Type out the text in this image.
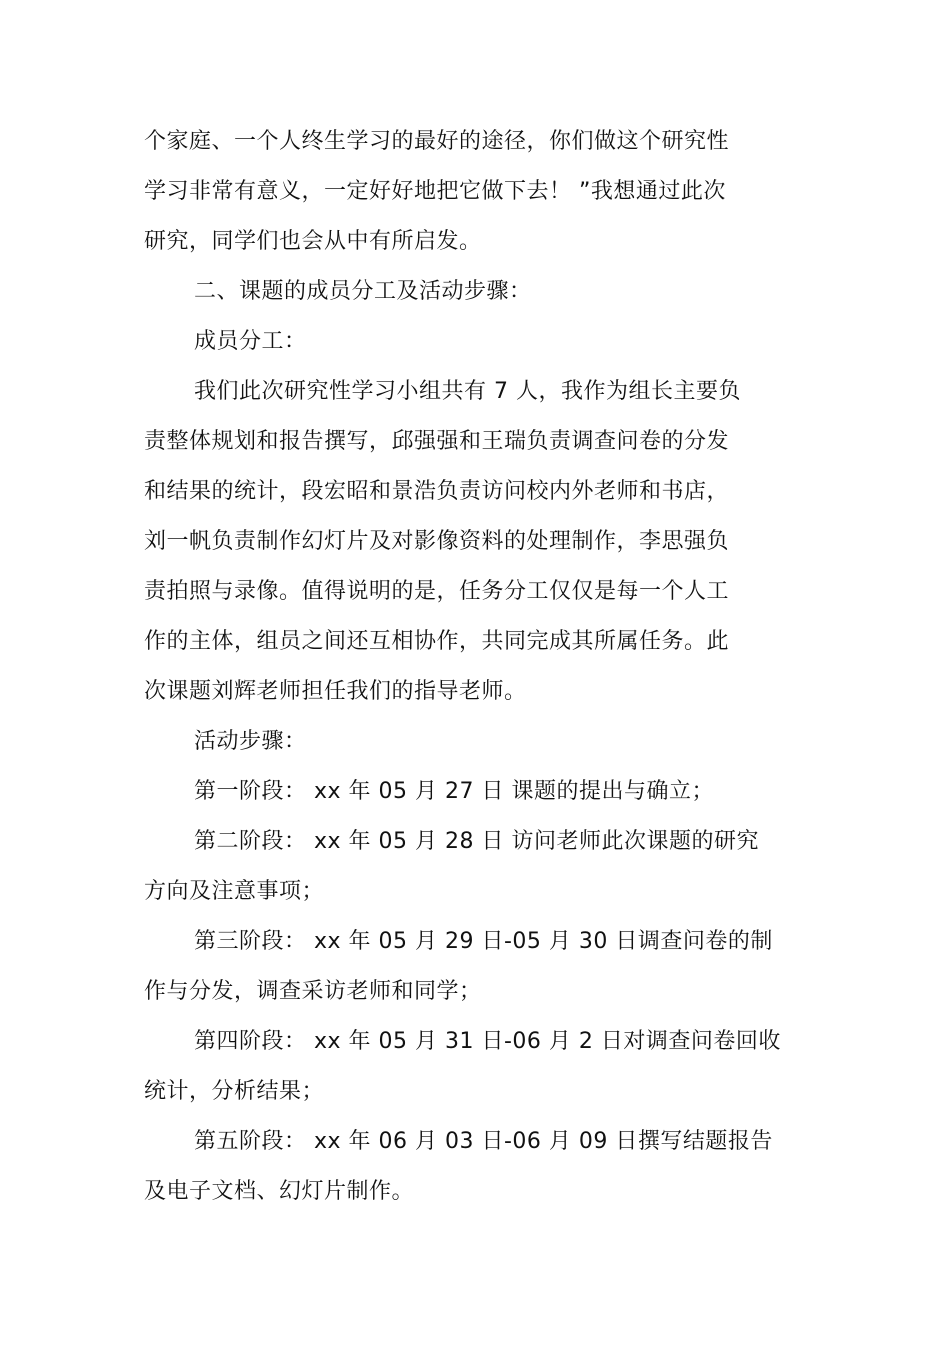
个家庭、一个人终生学习的最好的途径，你们做这个研究性
学习非常有意义，一定好好地把它做下去！ ”我想通过此次
研究，同学们也会从中有所启发。
二、课题的成员分工及活动步骤：
成员分工：
我们此次研究性学习小组共有 7 人，我作为组长主要负
责整体规划和报告撰写，邱强强和王瑞负责调查问卷的分发
和结果的统计，段宏昭和景浩负责访问校内外老师和书店，
刘一帆负责制作幻灯片及对影像资料的处理制作，李思强负
责拍照与录像。值得说明的是，任务分工仅仅是每一个人工
作的主体，组员之间还互相协作，共同完成其所属任务。此
次课题刘辉老师担任我们的指导老师。
活动步骤：
第一阶段： xx 年 05 月 27 日 课题的提出与确立；
第二阶段： xx 年 05 月 28 日 访问老师此次课题的研究
方向及注意事项；
第三阶段： xx 年 05 月 29 日-05 月 30 日调查问卷的制
作与分发，调查采访老师和同学；
第四阶段： xx 年 05 月 31 日-06 月 2 日对调查问卷回收
统计，分析结果；
第五阶段： xx 年 06 月 03 日-06 月 09 日撰写结题报告
及电子文档、幻灯片制作。
